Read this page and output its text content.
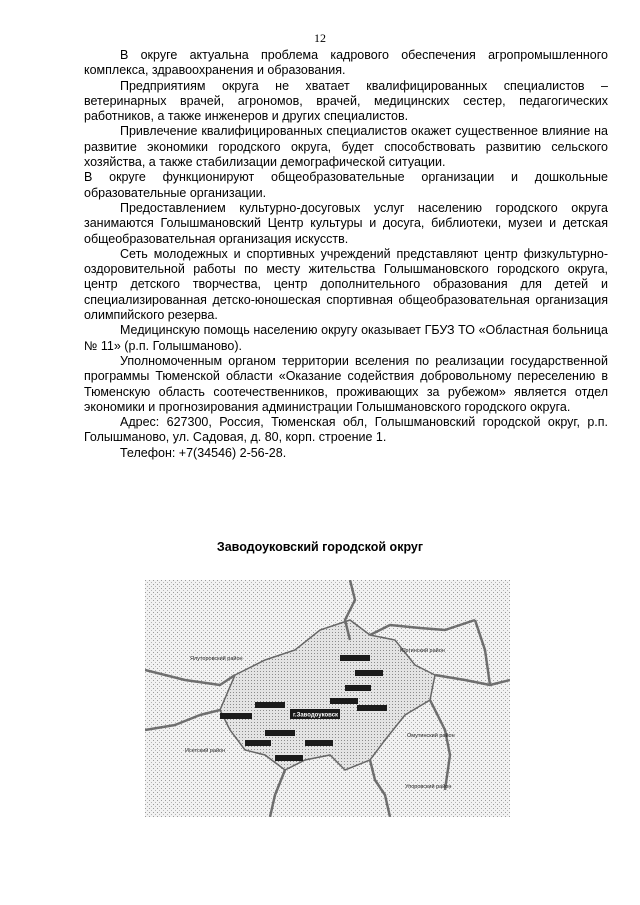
12

В округе актуальна проблема кадрового обеспечения агропромышленного комплекса, здравоохранения и образования.

Предприятиям округа не хватает квалифицированных специалистов – ветеринарных врачей, агрономов, врачей, медицинских сестер, педагогических работников, а также инженеров и других специалистов.

Привлечение квалифицированных специалистов окажет существенное влияние на развитие экономики городского округа, будет способствовать развитию сельского хозяйства, а также стабилизации демографической ситуации.

В округе функционируют общеобразовательные организации и дошкольные образовательные организации.

Предоставлением культурно-досуговых услуг населению городского округа занимаются Голышмановский Центр культуры и досуга, библиотеки, музеи и детская общеобразовательная организация искусств.

Сеть молодежных и спортивных учреждений представляют центр физкультурно-оздоровительной работы по месту жительства Голышмановского городского округа, центр детского творчества, центр дополнительного образования для детей и специализированная детско-юношеская спортивная общеобразовательная организация олимпийского резерва.

Медицинскую помощь населению округу оказывает ГБУЗ ТО «Областная больница № 11» (р.п. Голышманово).

Уполномоченным органом территории вселения по реализации государственной программы Тюменской области «Оказание содействия добровольному переселению в Тюменскую область соотечественников, проживающих за рубежом» является отдел экономики и прогнозирования администрации Голышмановского городского округа.

Адрес: 627300, Россия, Тюменская обл, Голышмановский городской округ, р.п. Голышманово, ул. Садовая, д. 80, корп. строение 1.

Телефон: +7(34546) 2-56-28.

Заводоуковский городской округ
Ялуторовский район
Юргинский район
Исетский район
Омутинский район
Упоровский район
г.Заводоуковск
